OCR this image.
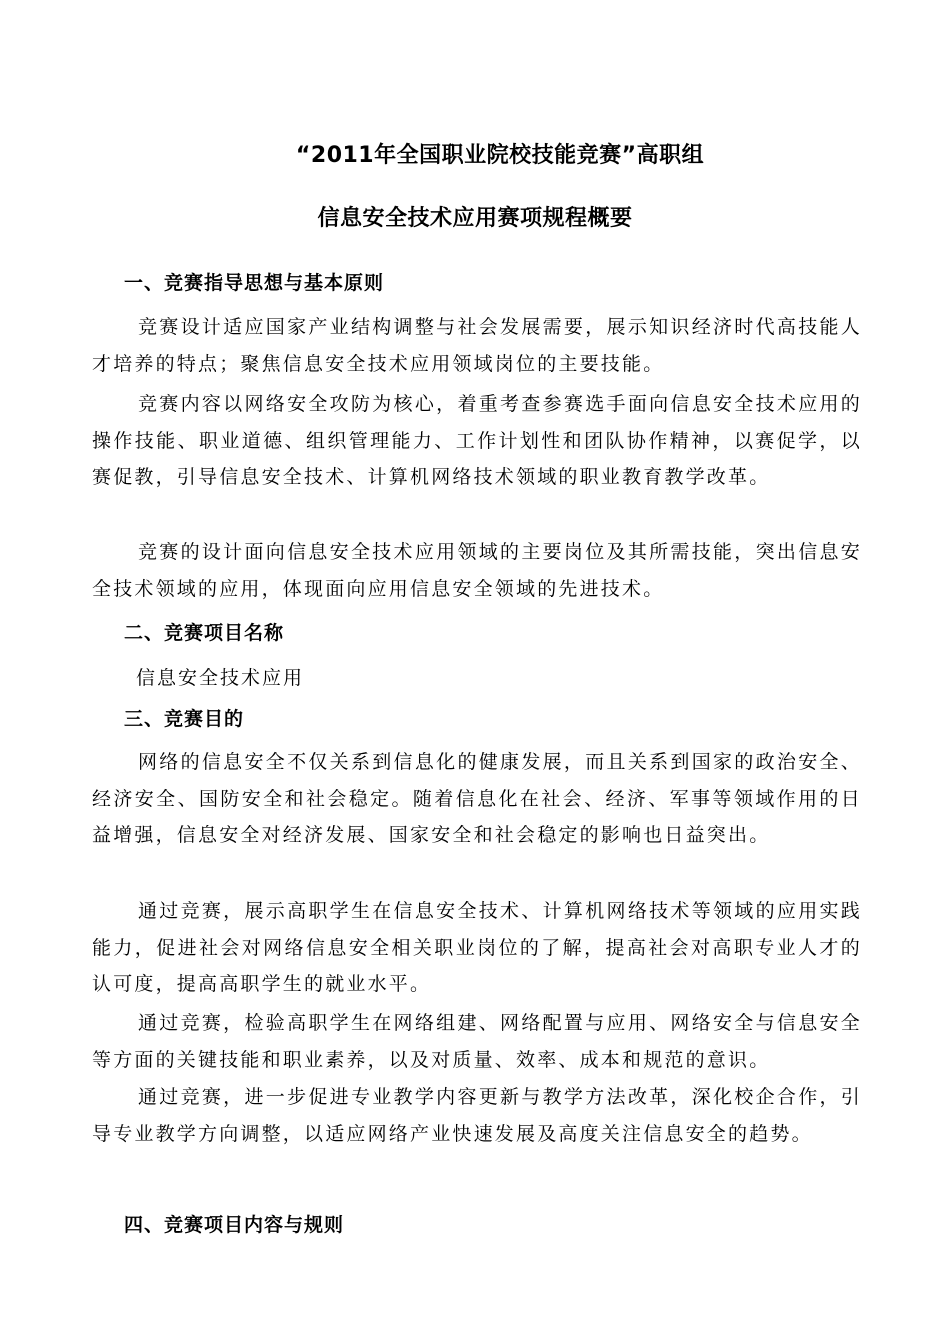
“2011年全国职业院校技能竞赛”高职组
信息安全技术应用赛项规程概要
一、竞赛指导思想与基本原则
竞赛设计适应国家产业结构调整与社会发展需要，展示知识经济时代高技能人才培养的特点；聚焦信息安全技术应用领域岗位的主要技能。
竞赛内容以网络安全攻防为核心，着重考查参赛选手面向信息安全技术应用的操作技能、职业道德、组织管理能力、工作计划性和团队协作精神，以赛促学，以赛促教，引导信息安全技术、计算机网络技术领域的职业教育教学改革。
竞赛的设计面向信息安全技术应用领域的主要岗位及其所需技能，突出信息安全技术领域的应用，体现面向应用信息安全领域的先进技术。
二、竞赛项目名称
信息安全技术应用
三、竞赛目的
网络的信息安全不仅关系到信息化的健康发展，而且关系到国家的政治安全、经济安全、国防安全和社会稳定。随着信息化在社会、经济、军事等领域作用的日益增强，信息安全对经济发展、国家安全和社会稳定的影响也日益突出。
通过竞赛，展示高职学生在信息安全技术、计算机网络技术等领域的应用实践能力，促进社会对网络信息安全相关职业岗位的了解，提高社会对高职专业人才的认可度，提高高职学生的就业水平。
通过竞赛，检验高职学生在网络组建、网络配置与应用、网络安全与信息安全等方面的关键技能和职业素养，以及对质量、效率、成本和规范的意识。
通过竞赛，进一步促进专业教学内容更新与教学方法改革，深化校企合作，引导专业教学方向调整，以适应网络产业快速发展及高度关注信息安全的趋势。
四、竞赛项目内容与规则
